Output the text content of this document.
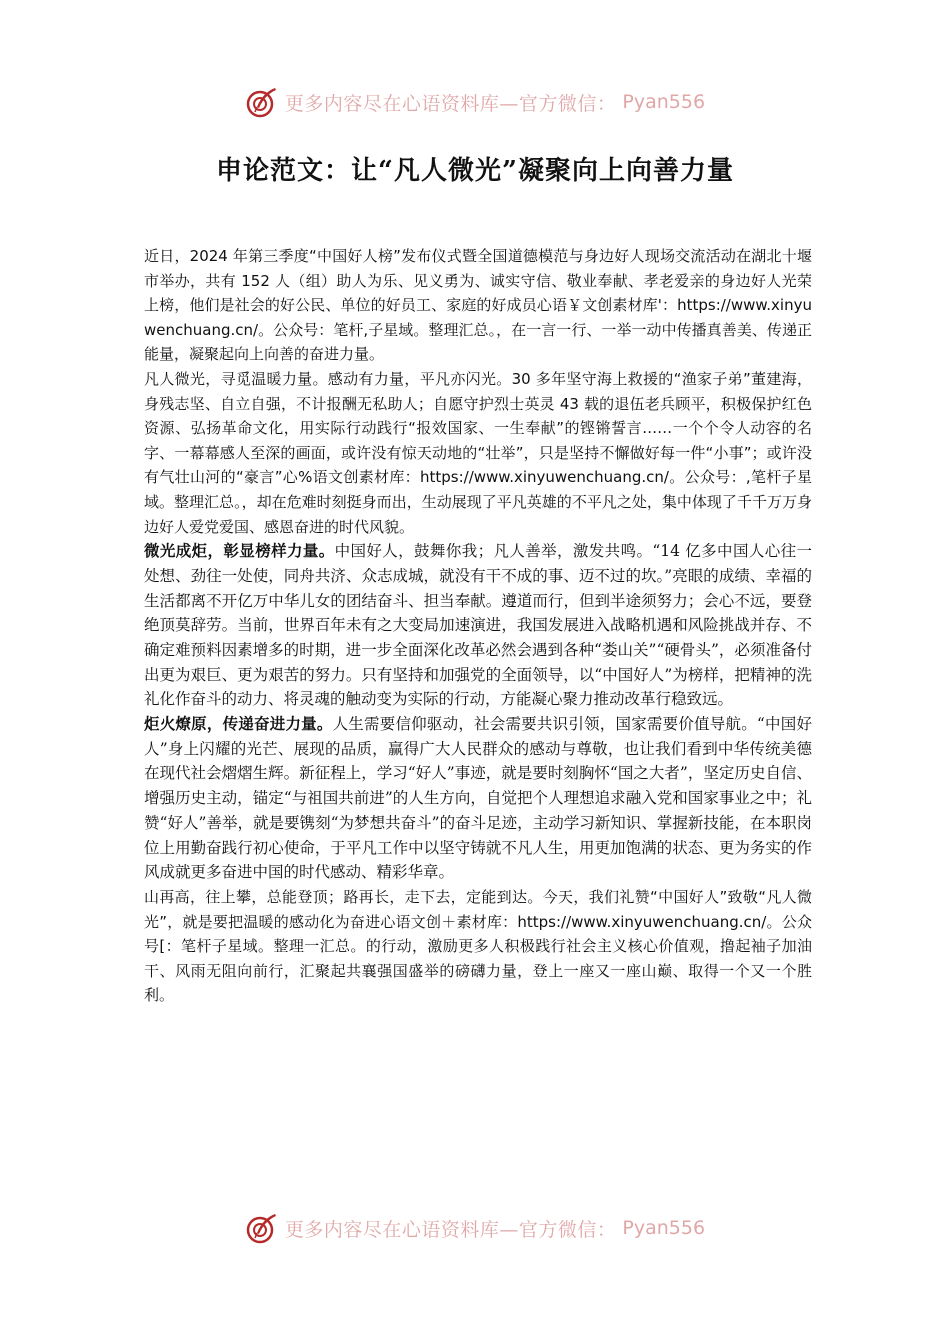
更多内容尽在心语资料库—官方微信： Pyan556
申论范文：让“凡人微光”凝聚向上向善力量

近日，2024 年第三季度“中国好人榜”发布仪式暨全国道德模范与身边好人现场交流活动在湖北十堰市举办，共有 152 人（组）助人为乐、见义勇为、诚实守信、敬业奉献、孝老爱亲的身边好人光荣上榜，他们是社会的好公民、单位的好员工、家庭的好成员心语￥文创素材库'：https://www.xinyuwenchuang.cn/。公众号：笔杆,子星域。整理汇总。，在一言一行、一举一动中传播真善美、传递正能量，凝聚起向上向善的奋进力量。

凡人微光，寻觅温暖力量。感动有力量，平凡亦闪光。30 多年坚守海上救援的“渔家子弟”董建海，身残志坚、自立自强，不计报酬无私助人；自愿守护烈士英灵 43 载的退伍老兵顾平，积极保护红色资源、弘扬革命文化，用实际行动践行“报效国家、一生奉献”的铿锵誓言……一个个令人动容的名字、一幕幕感人至深的画面，或许没有惊天动地的“壮举”，只是坚持不懈做好每一件“小事”；或许没有气壮山河的“豪言”心%语文创素材库：https://www.xinyuwenchuang.cn/。公众号：,笔杆子星域。整理汇总。，却在危难时刻挺身而出，生动展现了平凡英雄的不平凡之处，集中体现了千千万万身边好人爱党爱国、感恩奋进的时代风貌。

微光成炬，彰显榜样力量。中国好人，鼓舞你我；凡人善举，激发共鸣。“14 亿多中国人心往一处想、劲往一处使，同舟共济、众志成城，就没有干不成的事、迈不过的坎。”亮眼的成绩、幸福的生活都离不开亿万中华儿女的团结奋斗、担当奉献。遵道而行，但到半途须努力；会心不远，要登绝顶莫辞劳。当前，世界百年未有之大变局加速演进，我国发展进入战略机遇和风险挑战并存、不确定难预料因素增多的时期，进一步全面深化改革必然会遇到各种“娄山关”“硬骨头”，必须准备付出更为艰巨、更为艰苦的努力。只有坚持和加强党的全面领导，以“中国好人”为榜样，把精神的洗礼化作奋斗的动力、将灵魂的触动变为实际的行动，方能凝心聚力推动改革行稳致远。

炬火燎原，传递奋进力量。人生需要信仰驱动，社会需要共识引领，国家需要价值导航。“中国好人”身上闪耀的光芒、展现的品质，赢得广大人民群众的感动与尊敬，也让我们看到中华传统美德在现代社会熠熠生辉。新征程上，学习“好人”事迹，就是要时刻胸怀“国之大者”，坚定历史自信、增强历史主动，锚定“与祖国共前进”的人生方向，自觉把个人理想追求融入党和国家事业之中；礼赞“好人”善举，就是要镌刻“为梦想共奋斗”的奋斗足迹，主动学习新知识、掌握新技能，在本职岗位上用勤奋践行初心使命，于平凡工作中以坚守铸就不凡人生，用更加饱满的状态、更为务实的作风成就更多奋进中国的时代感动、精彩华章。

山再高，往上攀，总能登顶；路再长，走下去，定能到达。今天，我们礼赞“中国好人”致敬“凡人微光”，就是要把温暖的感动化为奋进心语文创＋素材库：https://www.xinyuwenchuang.cn/。公众号[：笔杆子星域。整理一汇总。的行动，激励更多人积极践行社会主义核心价值观，撸起袖子加油干、风雨无阻向前行，汇聚起共襄强国盛举的磅礴力量，登上一座又一座山巅、取得一个又一个胜利。

更多内容尽在心语资料库—官方微信： Pyan556
